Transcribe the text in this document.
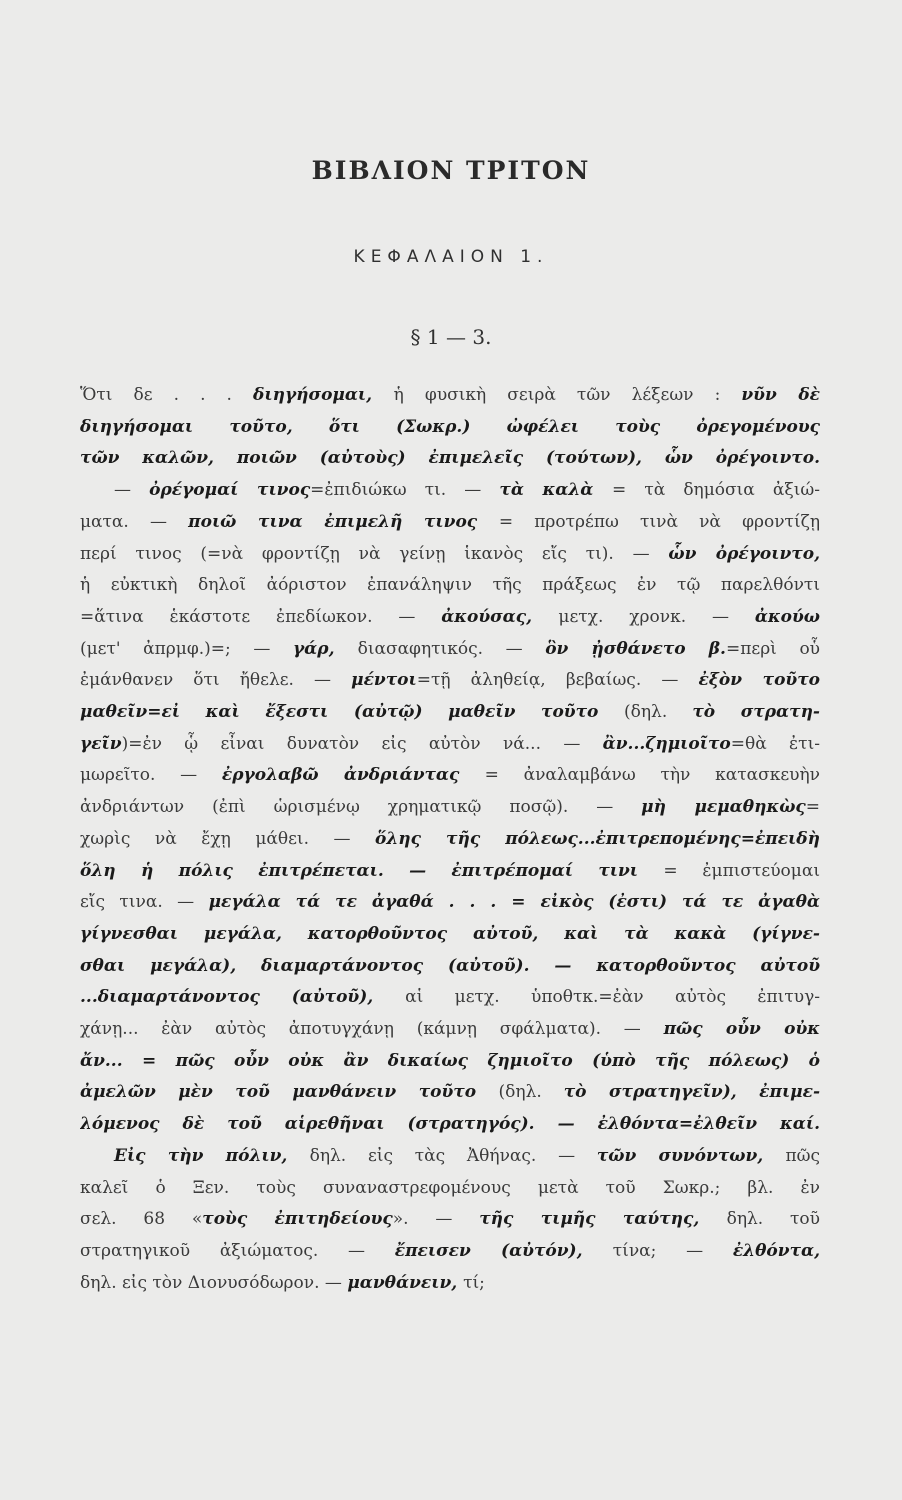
ΒΙΒΛΙΟΝ ΤΡΙΤΟΝ
ΚΕΦΑΛΑΙΟΝ 1.
§ 1 — 3.
Ὅτι δε . . . διηγήσομαι, ἡ φυσικὴ σειρὰ τῶν λέξεων : νῦν δὲ
διηγήσομαι τοῦτο, ὅτι (Σωκρ.) ὠφέλει τοὺς ὀρεγομένους
τῶν καλῶν, ποιῶν (αὐτοὺς) ἐπιμελεῖς (τούτων), ὧν ὀρέγοιντο.
— ὀρέγομαί τινος=ἐπιδιώκω τι. — τὰ καλὰ = τὰ δημόσια ἀξιώ-
ματα. — ποιῶ τινα ἐπιμελῆ τινος = προτρέπω τινὰ νὰ φροντίζῃ
περί τινος (=νὰ φροντίζῃ νὰ γείνῃ ἱκανὸς εἴς τι). — ὧν ὀρέγοιντο,
ἡ εὐκτικὴ δηλοῖ ἀόριστον ἐπανάληψιν τῆς πράξεως ἐν τῷ παρελθόντι
=ἅτινα ἑκάστοτε ἐπεδίωκον. — ἀκούσας, μετχ. χρονκ. — ἀκούω
(μετ' ἀπρμφ.)=; — γάρ, διασαφητικός. — ὃν ᾐσθάνετο β.=περὶ οὗ
ἐμάνθανεν ὅτι ἤθελε. — μέντοι=τῇ ἀληθείᾳ, βεβαίως. — ἐξὸν τοῦτο
μαθεῖν=εἰ καὶ ἔξεστι (αὐτῷ) μαθεῖν τοῦτο (δηλ. τὸ στρατη-
γεῖν)=ἐν ᾧ εἶναι δυνατὸν εἰς αὐτὸν νά... — ἂν...ζημιοῖτο=θὰ ἐτι-
μωρεῖτο. — ἐργολαβῶ ἀνδριάντας = ἀναλαμβάνω τὴν κατασκευὴν
ἀνδριάντων (ἐπὶ ὡρισμένῳ χρηματικῷ ποσῷ). — μὴ μεμαθηκὼς=
χωρὶς νὰ ἔχῃ μάθει. — ὅλης τῆς πόλεως...ἐπιτρεπομένης=ἐπειδὴ
ὅλη ἡ πόλις ἐπιτρέπεται. — ἐπιτρέπομαί τινι = ἐμπιστεύομαι
εἴς τινα. — μεγάλα τά τε ἀγαθά . . . = εἰκὸς (ἐστι) τά τε ἀγαθὰ
γίγνεσθαι μεγάλα, κατορθοῦντος αὐτοῦ, καὶ τὰ κακὰ (γίγνε-
σθαι μεγάλα), διαμαρτάνοντος (αὐτοῦ). — κατορθοῦντος αὐτοῦ
...διαμαρτάνοντος (αὐτοῦ), αἱ μετχ. ὑποθτκ.=ἐὰν αὐτὸς ἐπιτυγ-
χάνῃ... ἐὰν αὐτὸς ἀποτυγχάνῃ (κάμνῃ σφάλματα). — πῶς οὖν οὐκ
ἄν... = πῶς οὖν οὐκ ἂν δικαίως ζημιοῖτο (ὑπὸ τῆς πόλεως) ὁ
ἀμελῶν μὲν τοῦ μανθάνειν τοῦτο (δηλ. τὸ στρατηγεῖν), ἐπιμε-
λόμενος δὲ τοῦ αἱρεθῆναι (στρατηγός). — ἐλθόντα=ἐλθεῖν καί.
Εἰς τὴν πόλιν, δηλ. εἰς τὰς Ἀθήνας. — τῶν συνόντων, πῶς
καλεῖ ὁ Ξεν. τοὺς συναναστρεφομένους μετὰ τοῦ Σωκρ.; βλ. ἐν
σελ. 68 «τοὺς ἐπιτηδείους». — τῆς τιμῆς ταύτης, δηλ. τοῦ
στρατηγικοῦ ἀξιώματος. — ἔπεισεν (αὐτόν), τίνα; — ἐλθόντα,
δηλ. εἰς τὸν Διονυσόδωρον. — μανθάνειν, τί;
